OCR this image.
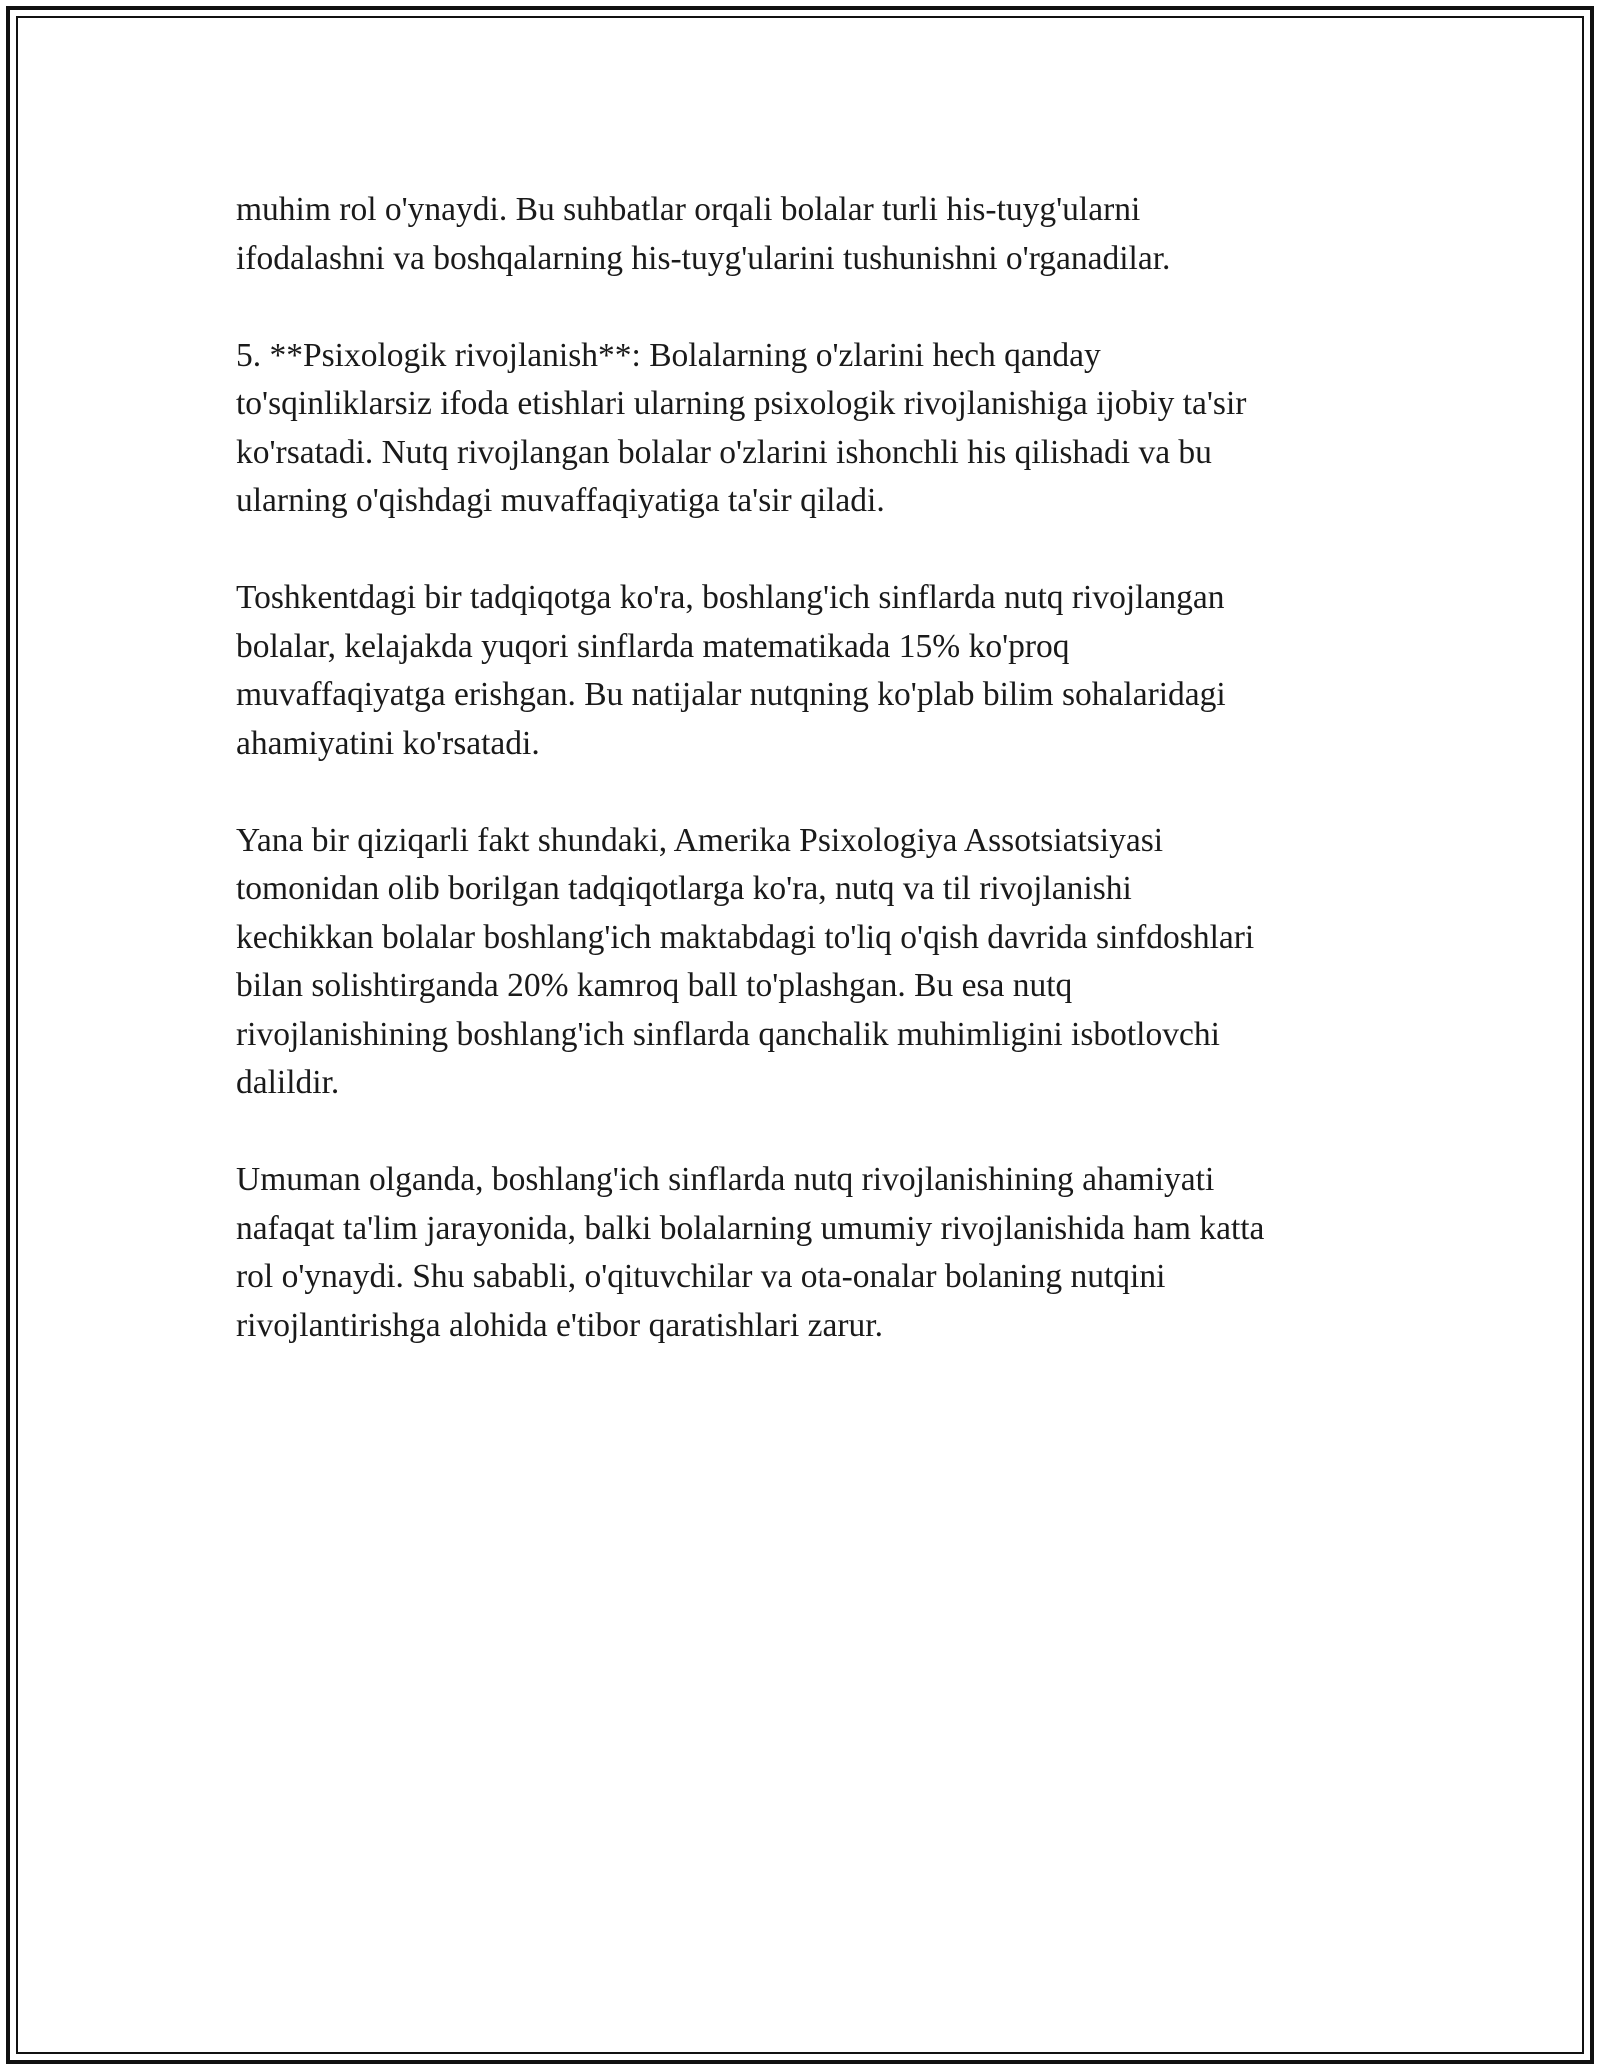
muhim rol o'ynaydi. Bu suhbatlar orqali bolalar turli his-tuyg'ularni
ifodalashni va boshqalarning his-tuyg'ularini tushunishni o'rganadilar.

5. **Psixologik rivojlanish**: Bolalarning o'zlarini hech qanday
to'sqinliklarsiz ifoda etishlari ularning psixologik rivojlanishiga ijobiy ta'sir
ko'rsatadi. Nutq rivojlangan bolalar o'zlarini ishonchli his qilishadi va bu
ularning o'qishdagi muvaffaqiyatiga ta'sir qiladi.

Toshkentdagi bir tadqiqotga ko'ra, boshlang'ich sinflarda nutq rivojlangan
bolalar, kelajakda yuqori sinflarda matematikada 15% ko'proq
muvaffaqiyatga erishgan. Bu natijalar nutqning ko'plab bilim sohalaridagi
ahamiyatini ko'rsatadi.

Yana bir qiziqarli fakt shundaki, Amerika Psixologiya Assotsiatsiyasi
tomonidan olib borilgan tadqiqotlarga ko'ra, nutq va til rivojlanishi
kechikkan bolalar boshlang'ich maktabdagi to'liq o'qish davrida sinfdoshlari
bilan solishtirganda 20% kamroq ball to'plashgan. Bu esa nutq
rivojlanishining boshlang'ich sinflarda qanchalik muhimligini isbotlovchi
dalildir.

Umuman olganda, boshlang'ich sinflarda nutq rivojlanishining ahamiyati
nafaqat ta'lim jarayonida, balki bolalarning umumiy rivojlanishida ham katta
rol o'ynaydi. Shu sababli, o'qituvchilar va ota-onalar bolaning nutqini
rivojlantirishga alohida e'tibor qaratishlari zarur.
